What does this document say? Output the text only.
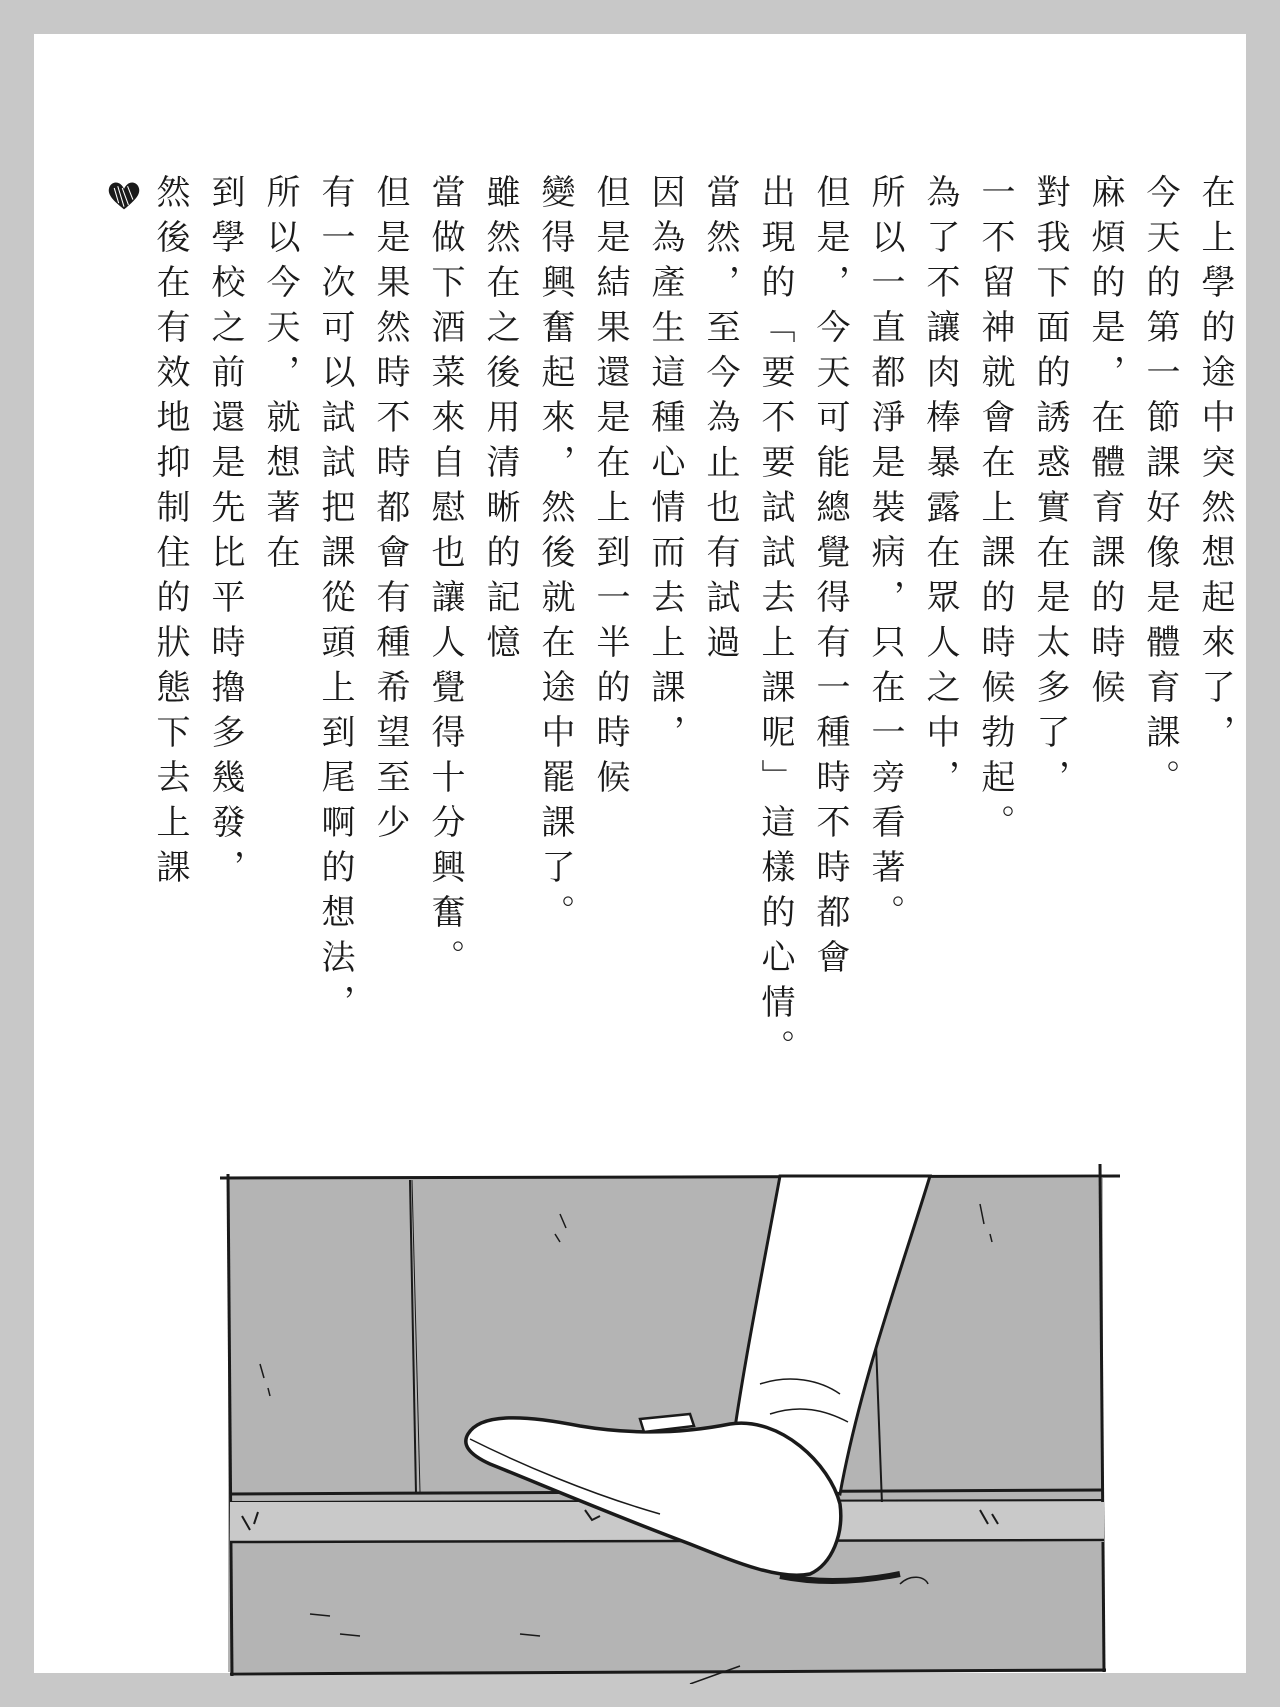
在上學的途中突然想起來了，
今天的第一節課好像是體育課。
麻煩的是，在體育課的時候
對我下面的誘惑實在是太多了，
一不留神就會在上課的時候勃起。
為了不讓肉棒暴露在眾人之中，
所以一直都淨是裝病，只在一旁看著。
但是，今天可能總覺得有一種時不時都會
出現的「要不要試試去上課呢」這樣的心情。
當然，至今為止也有試過
因為產生這種心情而去上課，
但是結果還是在上到一半的時候
變得興奮起來，然後就在途中罷課了。
雖然在之後用清晰的記憶
當做下酒菜來自慰也讓人覺得十分興奮。
但是果然時不時都會有種希望至少
有一次可以試試把課從頭上到尾啊的想法，
所以今天，就想著在
到學校之前還是先比平時擼多幾發，
然後在有效地抑制住的狀態下去上課
